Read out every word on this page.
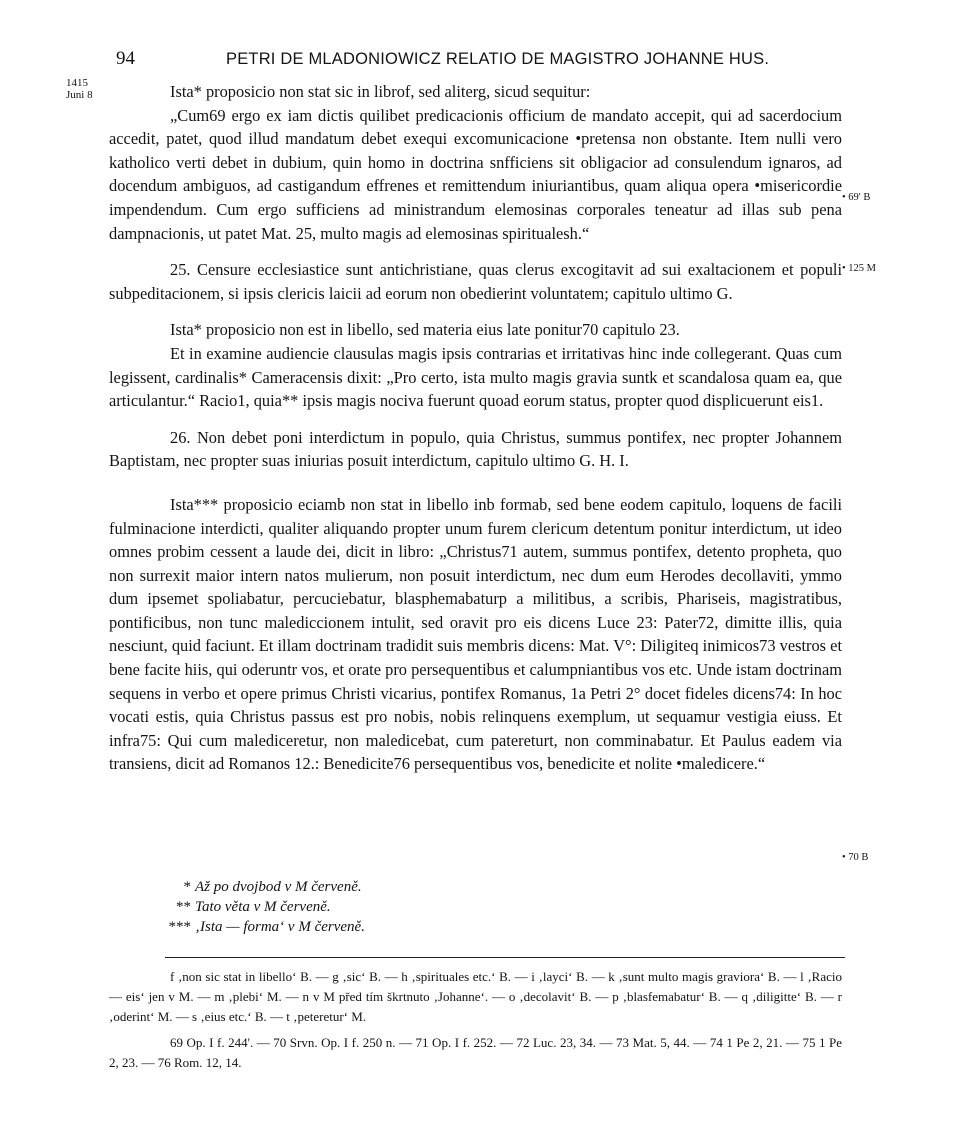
94	PETRI DE MLADONIOWICZ RELATIO DE MAGISTRO JOHANNE HUS.
1415
Juni 8
• 69' B
• 125 M
• 70 B

Ista* proposicio non stat sic in librof, sed aliterg, sicud sequitur:

„Cum69 ergo ex iam dictis quilibet predicacionis officium de mandato accepit, qui ad sacerdocium accedit, patet, quod illud mandatum debet exequi excomunicacione •pretensa non obstante. Item nulli vero katholico verti debet in dubium, quin homo in doctrina snfficiens sit obligacior ad consulendum ignaros, ad docendum ambiguos, ad castigandum effrenes et remittendum iniuriantibus, quam aliqua opera •misericordie impendendum. Cum ergo sufficiens ad ministrandum elemosinas corporales teneatur ad illas sub pena dampnacionis, ut patet Mat. 25, multo magis ad elemosinas spiritualesh.“

25. Censure ecclesiastice sunt antichristiane, quas clerus excogitavit ad sui exaltacionem et populi subpeditacionem, si ipsis clericis laicii ad eorum non obedierint voluntatem; capitulo ultimo G.

Ista* proposicio non est in libello, sed materia eius late ponitur70 capitulo 23.

Et in examine audiencie clausulas magis ipsis contrarias et irritativas hinc inde collegerant. Quas cum legissent, cardinalis* Cameracensis dixit: „Pro certo, ista multo magis gravia suntk et scandalosa quam ea, que articulantur.“ Racio1, quia** ipsis magis nociva fuerunt quoad eorum status, propter quod displicuerunt eis1.

26. Non debet poni interdictum in populo, quia Christus, summus pontifex, nec propter Johannem Baptistam, nec propter suas iniurias posuit interdictum, capitulo ultimo G. H. I.

Ista*** proposicio eciamb non stat in libello inb formab, sed bene eodem capitulo, loquens de facili fulminacione interdicti, qualiter aliquando propter unum furem clericum detentum ponitur interdictum, ut ideo omnes probim cessent a laude dei, dicit in libro: „Christus71 autem, summus pontifex, detento propheta, quo non surrexit maior intern natos mulierum, non posuit interdictum, nec dum eum Herodes decollaviti, ymmo dum ipsemet spoliabatur, percuciebatur, blasphemabaturp a militibus, a scribis, Phariseis, magistratibus, pontificibus, non tunc malediccionem intulit, sed oravit pro eis dicens Luce 23: Pater72, dimitte illis, quia nesciunt, quid faciunt. Et illam doctrinam tradidit suis membris dicens: Mat. V°: Diligiteq inimicos73 vestros et bene facite hiis, qui oderuntr vos, et orate pro persequentibus et calumpniantibus vos etc. Unde istam doctrinam sequens in verbo et opere primus Christi vicarius, pontifex Romanus, 1a Petri 2° docet fideles dicens74: In hoc vocati estis, quia Christus passus est pro nobis, nobis relinquens exemplum, ut sequamur vestigia eiuss. Et infra75: Qui cum malediceretur, non maledicebat, cum patereturt, non comminabatur. Et Paulus eadem via transiens, dicit ad Romanos 12.: Benedicite76 persequentibus vos, benedicite et nolite •maledicere.“

* Až po dvojbod v M červeně.

** Tato věta v M červeně.

*** ‚Ista — forma‘ v M červeně.

f ‚non sic stat in libello‘ B. — g ‚sic‘ B. — h ‚spirituales etc.‘ B. — i ‚layci‘ B. — k ‚sunt multo magis graviora‘ B. — l ‚Racio — eis‘ jen v M. — m ‚plebi‘ M. — n v M před tím škrtnuto ‚Johanne‘. — o ‚decolavit‘ B. — p ‚blasfemabatur‘ B. — q ‚diligitte‘ B. — r ‚oderint‘ M. — s ‚eius etc.‘ B. — t ‚petereturʻ M.

69 Op. I f. 244'. — 70 Srvn. Op. I f. 250 n. — 71 Op. I f. 252. — 72 Luc. 23, 34. — 73 Mat. 5, 44. — 74 1 Pe 2, 21. — 75 1 Pe 2, 23. — 76 Rom. 12, 14.
